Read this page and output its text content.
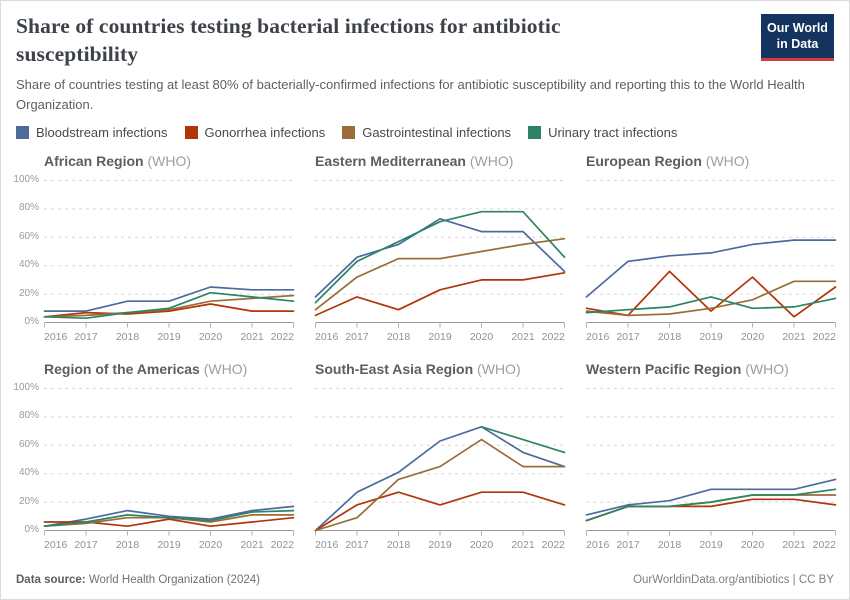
Share of countries testing bacterial infections for antibiotic susceptibility
Our World
in Data

Share of countries testing at least 80% of bacterially-confirmed infections for antibiotic susceptibility and reporting this to the World Health Organization.

Bloodstream infections	Gonorrhea infections	Gastrointestinal infections	Urinary tract infections
African Region (WHO)
0%
20%
40%
60%
80%
100%
2016 2017 2018 2019 2020 2021 2022
Eastern Mediterranean (WHO)
2016 2017 2018 2019 2020 2021 2022
European Region (WHO)
2016 2017 2018 2019 2020 2021 2022
Region of the Americas (WHO)
0%
20%
40%
60%
80%
100%
2016 2017 2018 2019 2020 2021 2022
South-East Asia Region (WHO)
2016 2017 2018 2019 2020 2021 2022
Western Pacific Region (WHO)
2016 2017 2018 2019 2020 2021 2022
Data source: World Health Organization (2024)	OurWorldinData.org/antibiotics | CC BY
